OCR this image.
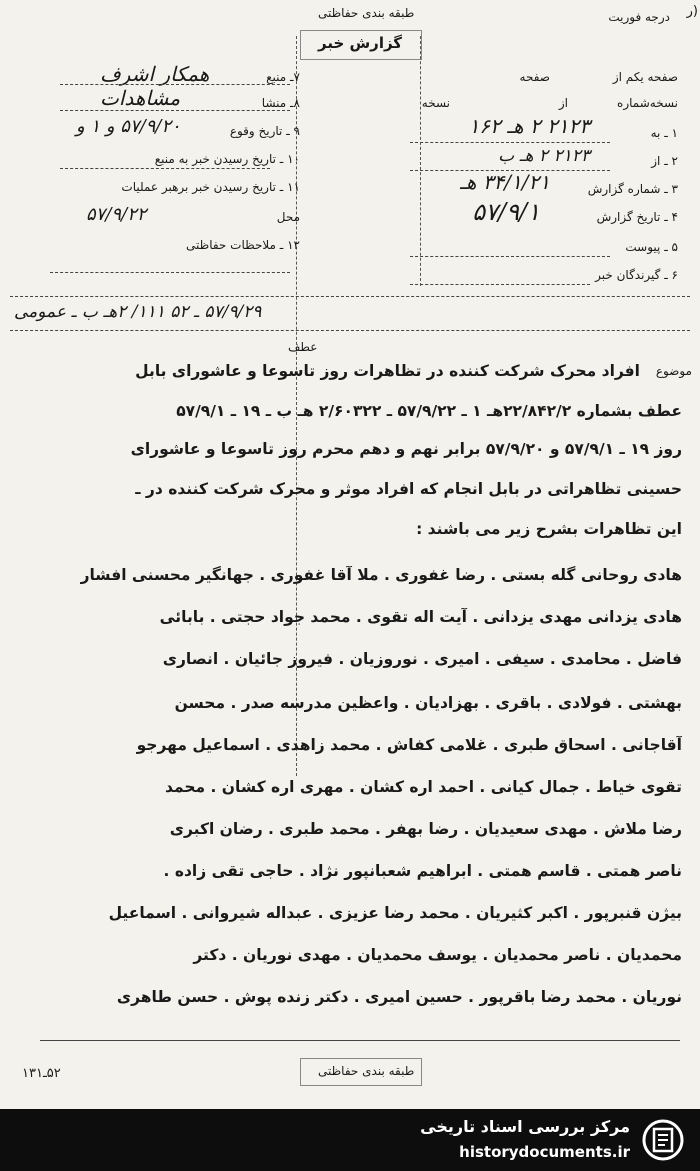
طبقه بندی حفاظتی	درجه فوریت (ر
گزارش خبر
۷ـ منبع
همکار اشرف
۸ـ منشا
مشاهدات
۹ ـ تاریخ وقوع
۵۷/۹/۲۰ و ۱ و
۱۰ ـ تاریخ رسیدن خبر به منبع
۱۱ ـ تاریخ رسیدن خبر برهبر عملیات
محل
۵۷/۹/۲۲
۱۲ ـ ملاحظات حفاظتی
صفحه یکم از
صفحه
نسخه‌شماره
از
نسخه
۱ ـ به
۲۱۲۳ ۲ هـ ۱۶۲
۲ ـ از
۲۱۲۳ ۲ هـ ب
۳ ـ شماره گزارش
۳۴/۱/۲۱ هـ
۴ ـ تاریخ گزارش
۵۷/۹/۱
۵ ـ پیوست
۶ ـ گیرندگان خبر
۵۷/۹/۲۹ ـ ۵۲ ۱۱۱/ ۲هـ ب ـ عمومی
عطف
موضوع
افراد محرک شرکت کننده در تظاهرات روز تاسوعا و عاشورای بابل
عطف بشماره ۲۲/۸۴۲/۲هـ ۱ ـ ۵۷/۹/۲۲ ـ ۲/۶۰۳۲۲ هـ ب ـ ۱۹ ـ ۵۷/۹/۱
روز ۱۹ ـ ۵۷/۹/۱ و ۵۷/۹/۲۰ برابر نهم و دهم محرم روز تاسوعا و عاشورای
حسینی تظاهراتی در بابل انجام که افراد موثر و محرک شرکت کننده در ـ
این تظاهرات بشرح زیر می باشند :
هادی روحانی گله بستی . رضا غفوری . ملا آقا غفوری . جهانگیر محسنی افشار
هادی یزدانی مهدی یزدانی . آیت اله تقوی . محمد جواد حجتی . بابائی
فاضل . محامدی . سیفی . امیری . نوروزیان . فیروز جائیان . انصاری
بهشتی . فولادی . باقری . بهزادیان . واعظین مدرسه صدر . محسن
آقاجانی . اسحاق طبری . غلامی کفاش . محمد زاهدی . اسماعیل مهرجو
تقوی خیاط . جمال کیانی . احمد اره کشان . مهری اره کشان . محمد
رضا ملاش . مهدی سعیدیان . رضا بهفر . محمد طبری . رضان اکبری
ناصر همتی . قاسم همتی . ابراهیم شعبانپور نژاد . حاجی تقی زاده .
بیژن قنبرپور . اکبر کثیریان . محمد رضا عزیزی . عبداله شیروانی . اسماعیل
محمدیان . ناصر محمدیان . یوسف محمدیان . مهدی نوریان . دکتر
نوریان . محمد رضا باقرپور . حسین امیری . دکتر زنده پوش . حسن طاهری
طبقه بندی حفاظتی
۵۲ـ۱۳۱
مرکز بررسی اسناد تاریخی
historydocuments.ir
